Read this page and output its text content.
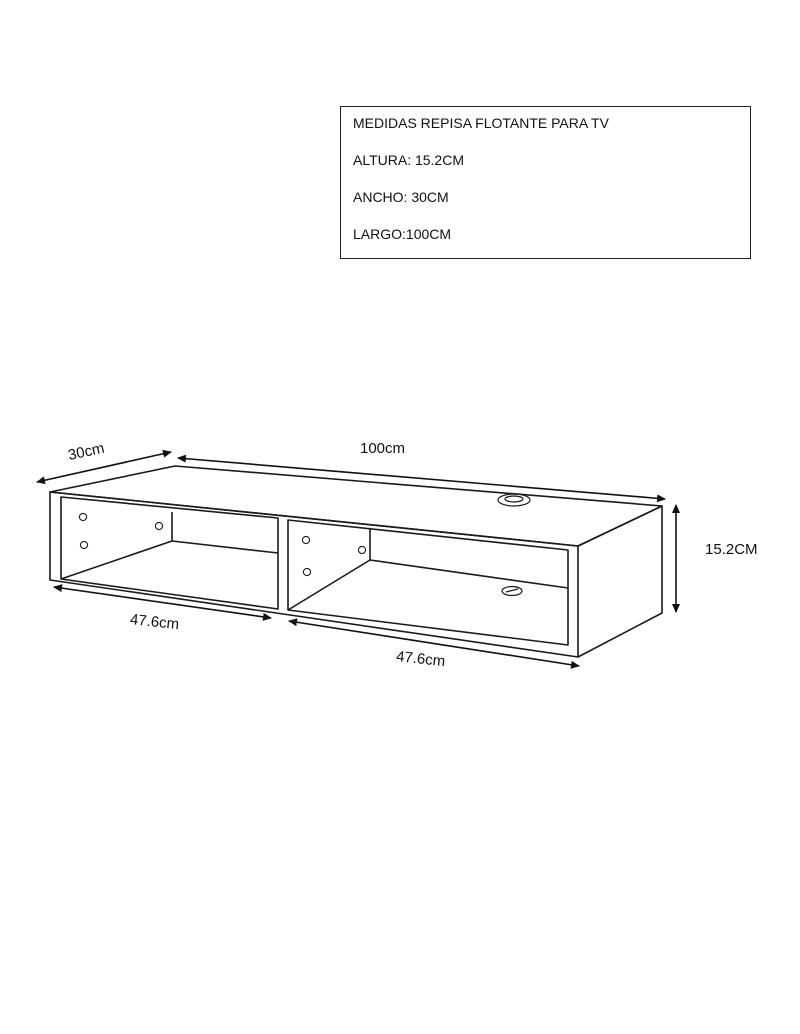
MEDIDAS REPISA FLOTANTE PARA TV
ALTURA: 15.2CM
ANCHO: 30CM
LARGO:100CM
30cm	100cm
15.2CM
47.6cm
47.6cm
